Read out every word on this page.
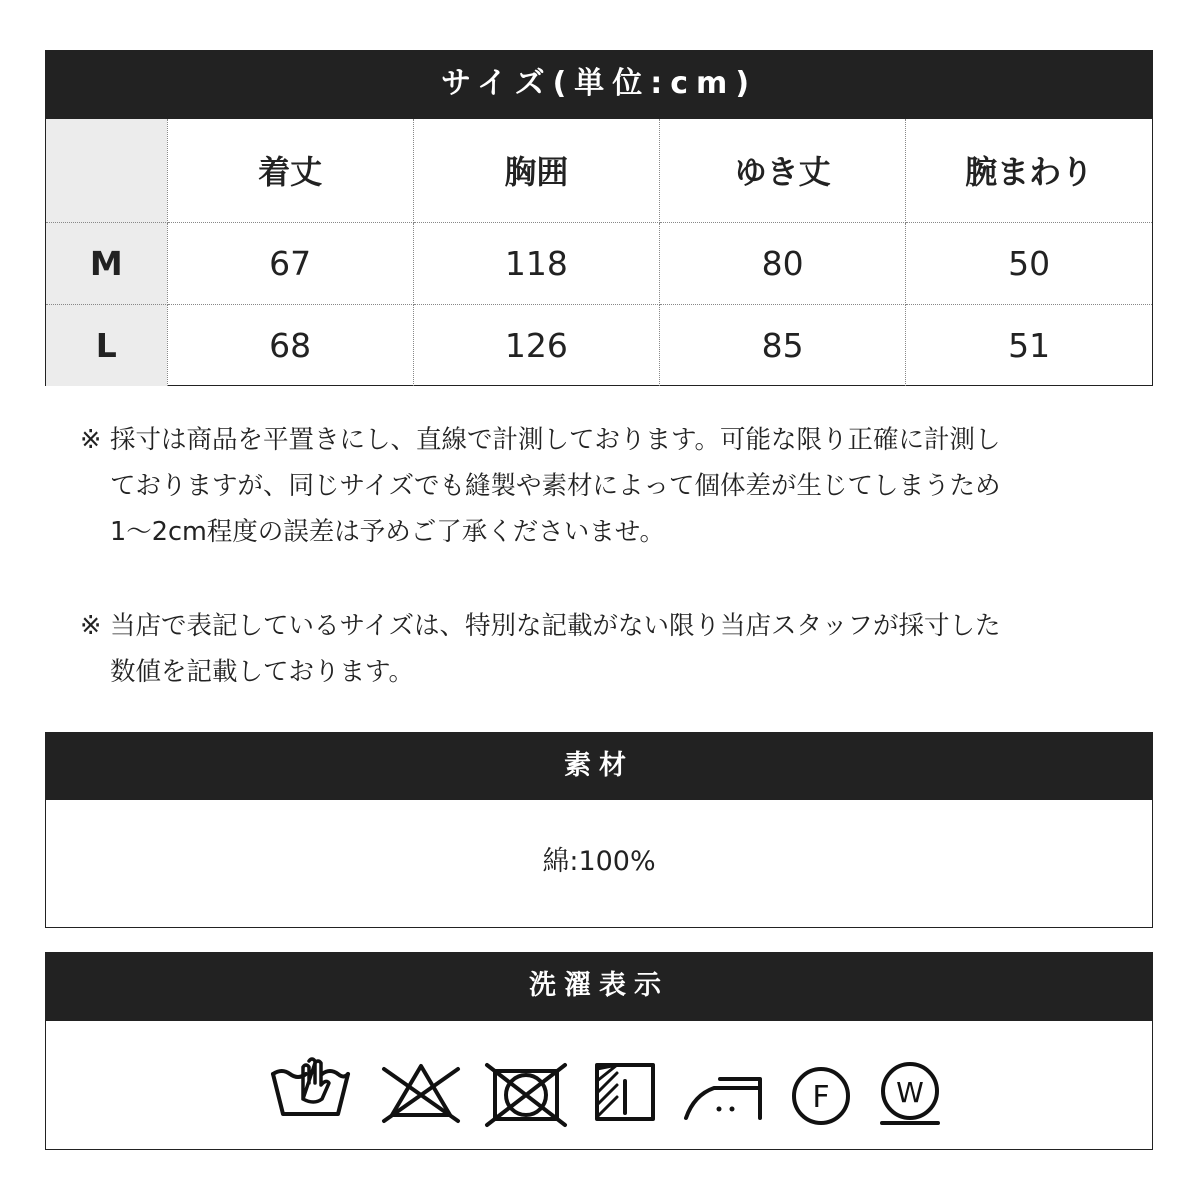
サイズ(単位:cm)
	着丈	胸囲	ゆき丈	腕まわり
M	67	118	80	50
L	68	126	85	51
※ 採寸は商品を平置きにし、直線で計測しております。可能な限り正確に計測し
ておりますが、同じサイズでも縫製や素材によって個体差が生じてしまうため
1〜2cm程度の誤差は予めご了承くださいませ。
※ 当店で表記しているサイズは、特別な記載がない限り当店スタッフが採寸した
数値を記載しております。
素材
綿:100%
洗濯表示
F W
